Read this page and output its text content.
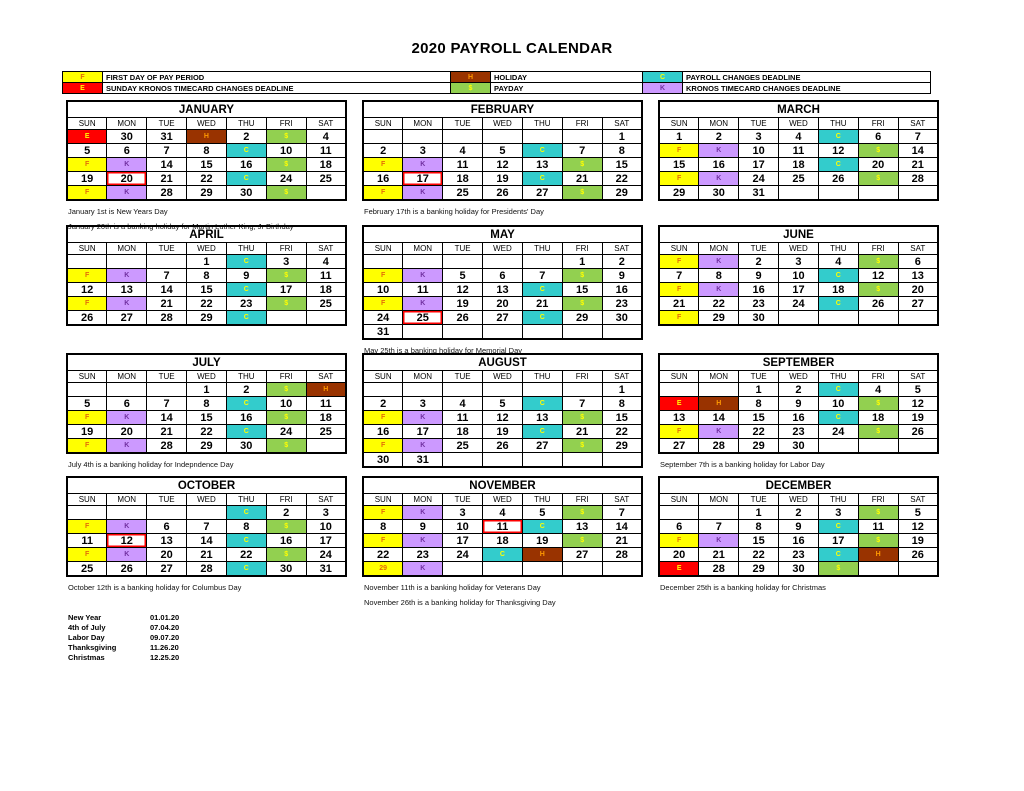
2020 PAYROLL CALENDAR
F	FIRST DAY OF PAY PERIOD	H	HOLIDAY	C	PAYROLL CHANGES DEADLINE
E	SUNDAY KRONOS TIMECARD CHANGES DEADLINE	$	PAYDAY	K	KRONOS TIMECARD CHANGES DEADLINE
JANUARY						
SUN	MON	TUE	WED	THU	FRI	SAT

E	30	31	H	2	$	4
5	6	7	8	C	10	11

F	K	14	15	16	$	18
19	20	21	22	C	24	25

F	K	28	29	30	$	

January 1st is New Years Day
January 20th is a banking holiday for Martin Luther King, Jr Birthday
FEBRUARY						
SUN	MON	TUE	WED	THU	FRI	SAT
						1
2	3	4	5	C	7	8

F	K	11	12	13	$	15
16	17	18	19	C	21	22

F	K	25	26	27	$	29
February 17th is a banking holiday for Presidents' Day
MARCH						
SUN	MON	TUE	WED	THU	FRI	SAT
1	2	3	4	C	6	7

F	K	10	11	12	$	14
15	16	17	18	C	20	21

F	K	24	25	26	$	28
29	30	31				
APRIL						
SUN	MON	TUE	WED	THU	FRI	SAT
			1	C	3	4

F	K	7	8	9	$	11
12	13	14	15	C	17	18

F	K	21	22	23	$	25
26	27	28	29	C		

MAY						
SUN	MON	TUE	WED	THU	FRI	SAT
					1	2

F	K	5	6	7	$	9
10	11	12	13	C	15	16

F	K	19	20	21	$	23
24	25	26	27	C	29	30
31						
May 25th is a banking holiday for Memorial Day
JUNE						
SUN	MON	TUE	WED	THU	FRI	SAT

F	K	2	3	4	$	6
7	8	9	10	C	12	13

F	K	16	17	18	$	20
21	22	23	24	C	26	27

F	29	30				
JULY						
SUN	MON	TUE	WED	THU	FRI	SAT
			1	2	$	H

5	6	7	8	C	10	11

F	K	14	15	16	$	18
19	20	21	22	C	24	25

F	K	28	29	30	$	

July 4th is a banking holiday for Indepndence Day
AUGUST						
SUN	MON	TUE	WED	THU	FRI	SAT
						1
2	3	4	5	C	7	8

F	K	11	12	13	$	15
16	17	18	19	C	21	22

F	K	25	26	27	$	29
30	31					
SEPTEMBER						
SUN	MON	TUE	WED	THU	FRI	SAT
		1	2	C	4	5

E	H	8	9	10	$	12
13	14	15	16	C	18	19

F	K	22	23	24	$	26
27	28	29	30			
September 7th is a banking holiday for Labor Day
OCTOBER						
SUN	MON	TUE	WED	THU	FRI	SAT

				C	2	3

F	K	6	7	8	$	10
11	12	13	14	C	16	17

F	K	20	21	22	$	24
25	26	27	28	C	30	31
October 12th is a banking holiday for Columbus Day
NOVEMBER						
SUN	MON	TUE	WED	THU	FRI	SAT

F	K	3	4	5	$	7
8	9	10	11	C	13	14

F	K	17	18	19	$	21
22	23	24	C	H	27	28

29	K					

November 11th is a banking holiday for Veterans Day
November 26th is a banking holiday for Thanksgiving Day
DECEMBER						
SUN	MON	TUE	WED	THU	FRI	SAT
		1	2	3	$	5
6	7	8	9	C	11	12

F	K	15	16	17	$	19
20	21	22	23	C	H	26

E	28	29	30	$		

December 25th is a banking holiday for Christmas
New Year	01.01.20
4th of July	07.04.20
Labor Day	09.07.20
Thanksgiving	11.26.20
Christmas	12.25.20
